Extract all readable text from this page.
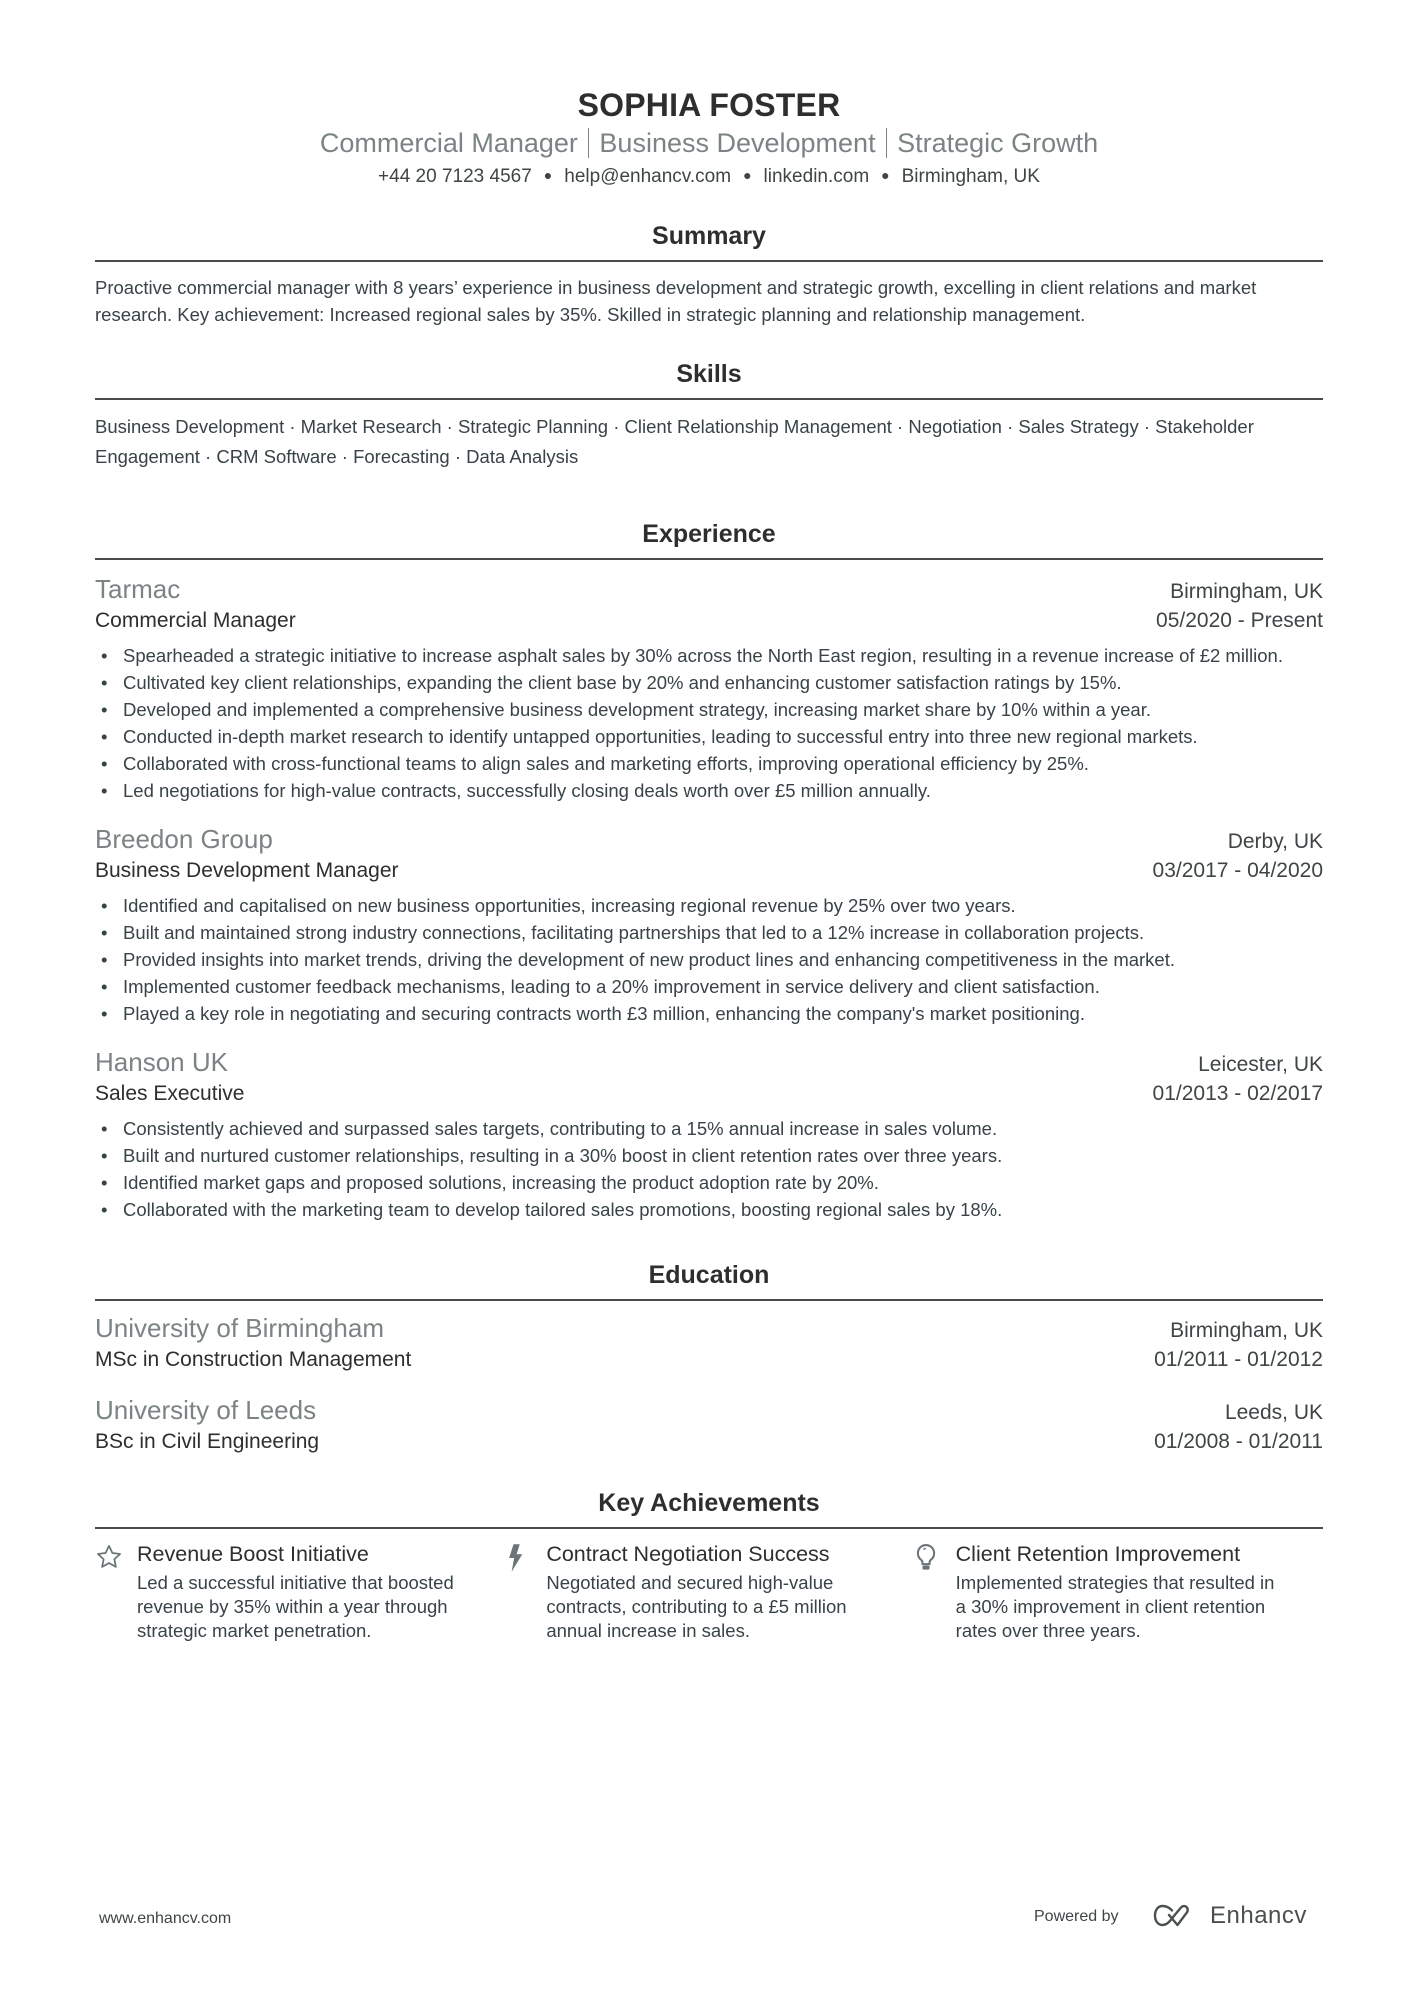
SOPHIA FOSTER
Commercial Manager Business Development Strategic Growth
+44 20 7123 4567 ● help@enhancv.com ● linkedin.com ● Birmingham, UK
Summary

Proactive commercial manager with 8 years’ experience in business development and strategic growth, excelling in client relations and market research. Key achievement: Increased regional sales by 35%. Skilled in strategic planning and relationship management.

Skills

Business Development · Market Research · Strategic Planning · Client Relationship Management · Negotiation · Sales Strategy · Stakeholder Engagement · CRM Software · Forecasting · Data Analysis

Experience
Tarmac	Birmingham, UK
Commercial Manager	05/2020 - Present
• Spearheaded a strategic initiative to increase asphalt sales by 30% across the North East region, resulting in a revenue increase of £2 million.
• Cultivated key client relationships, expanding the client base by 20% and enhancing customer satisfaction ratings by 15%.
• Developed and implemented a comprehensive business development strategy, increasing market share by 10% within a year.
• Conducted in-depth market research to identify untapped opportunities, leading to successful entry into three new regional markets.
• Collaborated with cross-functional teams to align sales and marketing efforts, improving operational efficiency by 25%.
• Led negotiations for high-value contracts, successfully closing deals worth over £5 million annually.
Breedon Group	Derby, UK
Business Development Manager	03/2017 - 04/2020
• Identified and capitalised on new business opportunities, increasing regional revenue by 25% over two years.
• Built and maintained strong industry connections, facilitating partnerships that led to a 12% increase in collaboration projects.
• Provided insights into market trends, driving the development of new product lines and enhancing competitiveness in the market.
• Implemented customer feedback mechanisms, leading to a 20% improvement in service delivery and client satisfaction.
• Played a key role in negotiating and securing contracts worth £3 million, enhancing the company's market positioning.
Hanson UK	Leicester, UK
Sales Executive	01/2013 - 02/2017
• Consistently achieved and surpassed sales targets, contributing to a 15% annual increase in sales volume.
• Built and nurtured customer relationships, resulting in a 30% boost in client retention rates over three years.
• Identified market gaps and proposed solutions, increasing the product adoption rate by 20%.
• Collaborated with the marketing team to develop tailored sales promotions, boosting regional sales by 18%.
Education
University of Birmingham	Birmingham, UK
MSc in Construction Management	01/2011 - 01/2012
University of Leeds	Leeds, UK
BSc in Civil Engineering	01/2008 - 01/2011
Key Achievements
Revenue Boost Initiative
Led a successful initiative that boosted revenue by 35% within a year through strategic market penetration.
Contract Negotiation Success
Negotiated and secured high-value contracts, contributing to a £5 million annual increase in sales.
Client Retention Improvement
Implemented strategies that resulted in a 30% improvement in client retention rates over three years.
www.enhancv.com	Powered by	Enhancv
